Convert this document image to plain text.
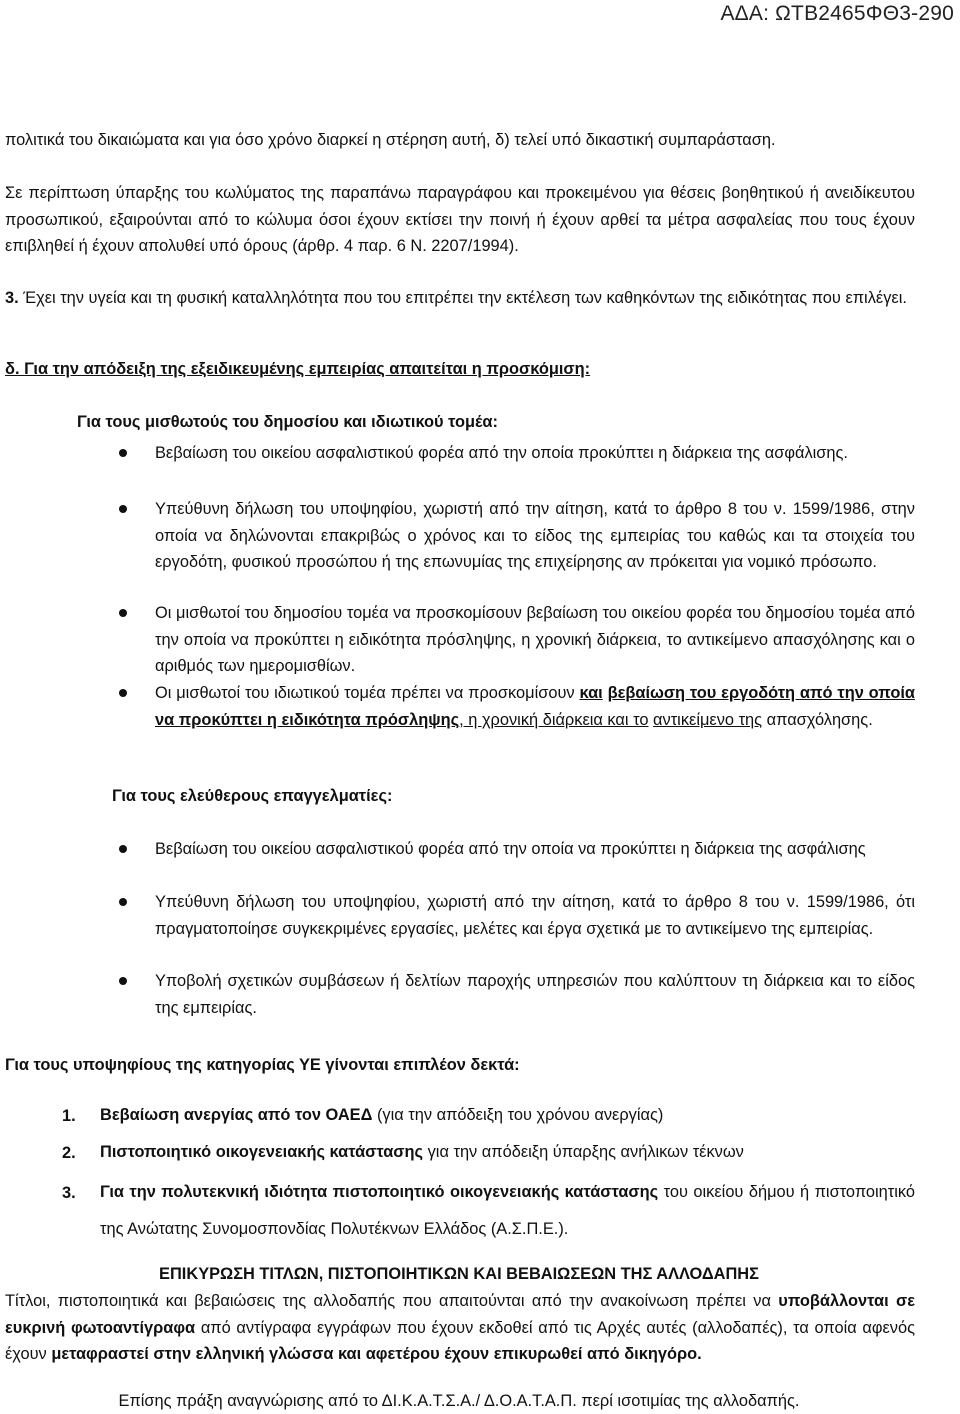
ΑΔΑ: ΩΤΒ2465ΦΘ3-290

πολιτικά του δικαιώματα και για όσο χρόνο διαρκεί η στέρηση αυτή, δ) τελεί υπό δικαστική συμπαράσταση.

Σε περίπτωση ύπαρξης του κωλύματος της παραπάνω παραγράφου και προκειμένου για θέσεις βοηθητικού ή ανειδίκευτου προσωπικού, εξαιρούνται από το κώλυμα όσοι έχουν εκτίσει την ποινή ή έχουν αρθεί τα μέτρα ασφαλείας που τους έχουν επιβληθεί ή έχουν απολυθεί υπό όρους (άρθρ. 4 παρ. 6 Ν. 2207/1994).

3. Έχει την υγεία και τη φυσική καταλληλότητα που του επιτρέπει την εκτέλεση των καθηκόντων της ειδικότητας που επιλέγει.

δ. Για την απόδειξη της εξειδικευμένης εμπειρίας απαιτείται η προσκόμιση:

Για τους μισθωτούς του δημοσίου και ιδιωτικού τομέα:

Βεβαίωση του οικείου ασφαλιστικού φορέα από την οποία προκύπτει η διάρκεια της ασφάλισης.

Υπεύθυνη δήλωση του υποψηφίου, χωριστή από την αίτηση, κατά το άρθρο 8 του ν. 1599/1986, στην οποία να δηλώνονται επακριβώς ο χρόνος και το είδος της εμπειρίας του καθώς και τα στοιχεία του εργοδότη, φυσικού προσώπου ή της επωνυμίας της επιχείρησης αν πρόκειται για νομικό πρόσωπο.

Οι μισθωτοί του δημοσίου τομέα να προσκομίσουν βεβαίωση του οικείου φορέα του δημοσίου τομέα από την οποία να προκύπτει η ειδικότητα πρόσληψης, η χρονική διάρκεια, το αντικείμενο απασχόλησης και ο αριθμός των ημερομισθίων.

Οι μισθωτοί του ιδιωτικού τομέα πρέπει να προσκομίσουν και βεβαίωση του εργοδότη από την οποία να προκύπτει η ειδικότητα πρόσληψης, η χρονική διάρκεια και το αντικείμενο της απασχόλησης.

Για τους ελεύθερους επαγγελματίες:

Βεβαίωση του οικείου ασφαλιστικού φορέα από την οποία να προκύπτει η διάρκεια της ασφάλισης

Υπεύθυνη δήλωση του υποψηφίου, χωριστή από την αίτηση, κατά το άρθρο 8 του ν. 1599/1986, ότι πραγματοποίησε συγκεκριμένες εργασίες, μελέτες και έργα σχετικά με το αντικείμενο της εμπειρίας.

Υποβολή σχετικών συμβάσεων ή δελτίων παροχής υπηρεσιών που καλύπτουν τη διάρκεια και το είδος της εμπειρίας.

Για τους υποψηφίους της κατηγορίας ΥΕ γίνονται επιπλέον δεκτά:

1. Βεβαίωση ανεργίας από τον ΟΑΕΔ (για την απόδειξη του χρόνου ανεργίας)

2. Πιστοποιητικό οικογενειακής κατάστασης για την απόδειξη ύπαρξης ανήλικων τέκνων

3. Για την πολυτεκνική ιδιότητα πιστοποιητικό οικογενειακής κατάστασης του οικείου δήμου ή πιστοποιητικό της Ανώτατης Συνομοσπονδίας Πολυτέκνων Ελλάδος (Α.Σ.Π.Ε.).

ΕΠΙΚΥΡΩΣΗ ΤΙΤΛΩΝ, ΠΙΣΤΟΠΟΙΗΤΙΚΩΝ ΚΑΙ ΒΕΒΑΙΩΣΕΩΝ ΤΗΣ ΑΛΛΟΔΑΠΗΣ

Τίτλοι, πιστοποιητικά και βεβαιώσεις της αλλοδαπής που απαιτούνται από την ανακοίνωση πρέπει να υποβάλλονται σε ευκρινή φωτοαντίγραφα από αντίγραφα εγγράφων που έχουν εκδοθεί από τις Αρχές αυτές (αλλοδαπές), τα οποία αφενός έχουν μεταφραστεί στην ελληνική γλώσσα και αφετέρου έχουν επικυρωθεί από δικηγόρο.

Επίσης πράξη αναγνώρισης από το ΔΙ.Κ.Α.Τ.Σ.Α./ Δ.Ο.Α.Τ.Α.Π. περί ισοτιμίας της αλλοδαπής.
